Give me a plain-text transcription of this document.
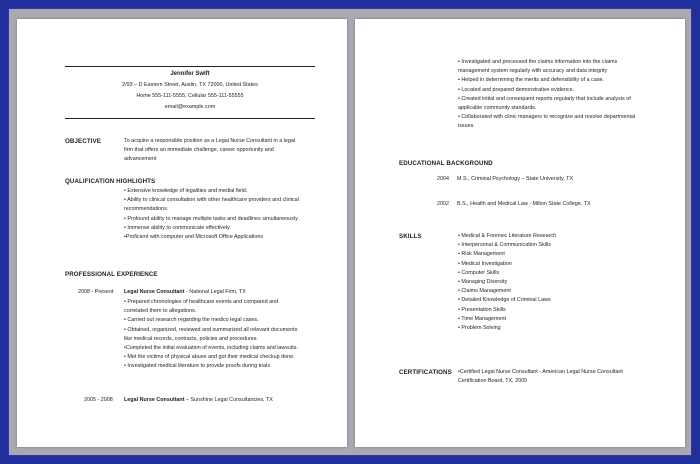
Jennifer Swift
2/93 – D Eastern Street, Austin, TX 72000, United States
Home 555-111-5555, Cellular 555-111-55555
email@example.com
OBJECTIVE	To acquire a responsible position as a Legal Nurse Consultant in a legal
firm that offers an immediate challenge, career opportunity and
advancement
QUALIFICATION HIGHLIGHTS
• Extensive knowledge of legalities and medial field.
• Ability to clinical consultation with other healthcare providers and clinical
recommendations.
• Profound ability to manage multiple tasks and deadlines simultaneously
• Immense ability to communicate effectively
•Proficient with computer and Microsoft Office Applications
PROFESSIONAL EXPERIENCE
2008 - Present Legal Nurse Consultant - National Legal Firm, TX
• Prepared chronologies of healthcare events and compared and
correlated them to allegations.
• Carried out research regarding the medico legal cases.
• Obtained, organized, reviewed and summarized all relevant documents
like medical records, contracts, policies and procedures.
•Completed the initial evaluation of events, including claims and lawsuits.
• Met the victims of physical abuse and got their medical checkup done.
• Investigated medical literature to provide proofs during trials
2005 - 2008 Legal Nurse Consultant – Sunshine Legal Consultancies, TX
• Investigated and processed the claims information into the claims
management system regularly with accuracy and data integrity
• Helped in determining the merits and defensibility of a case.
• Located and prepared demonstrative evidence.
• Created initial and consequent reports regularly that include analysis of
applicable community standards.
• Collaborated with clinic managers to recognize and resolve departmental
issues.
EDUCATIONAL BACKGROUND
2004 M.S., Criminal Psychology – State University, TX
2002 B.S., Health and Medical Law - Milton State College, TX
SKILLS	• Medical & Forensic Literature Research
• Interpersonal & Communication Skills
• Risk Management
• Medical Investigation
• Computer Skills
• Managing Diversity
• Claims Management
• Detailed Knowledge of Criminal Laws
• Presentation Skills
• Time Management
• Problem Solving
CERTIFICATIONS •Certified Legal Nurse Consultant - American Legal Nurse Consultant
Certification Board, TX, 2005
